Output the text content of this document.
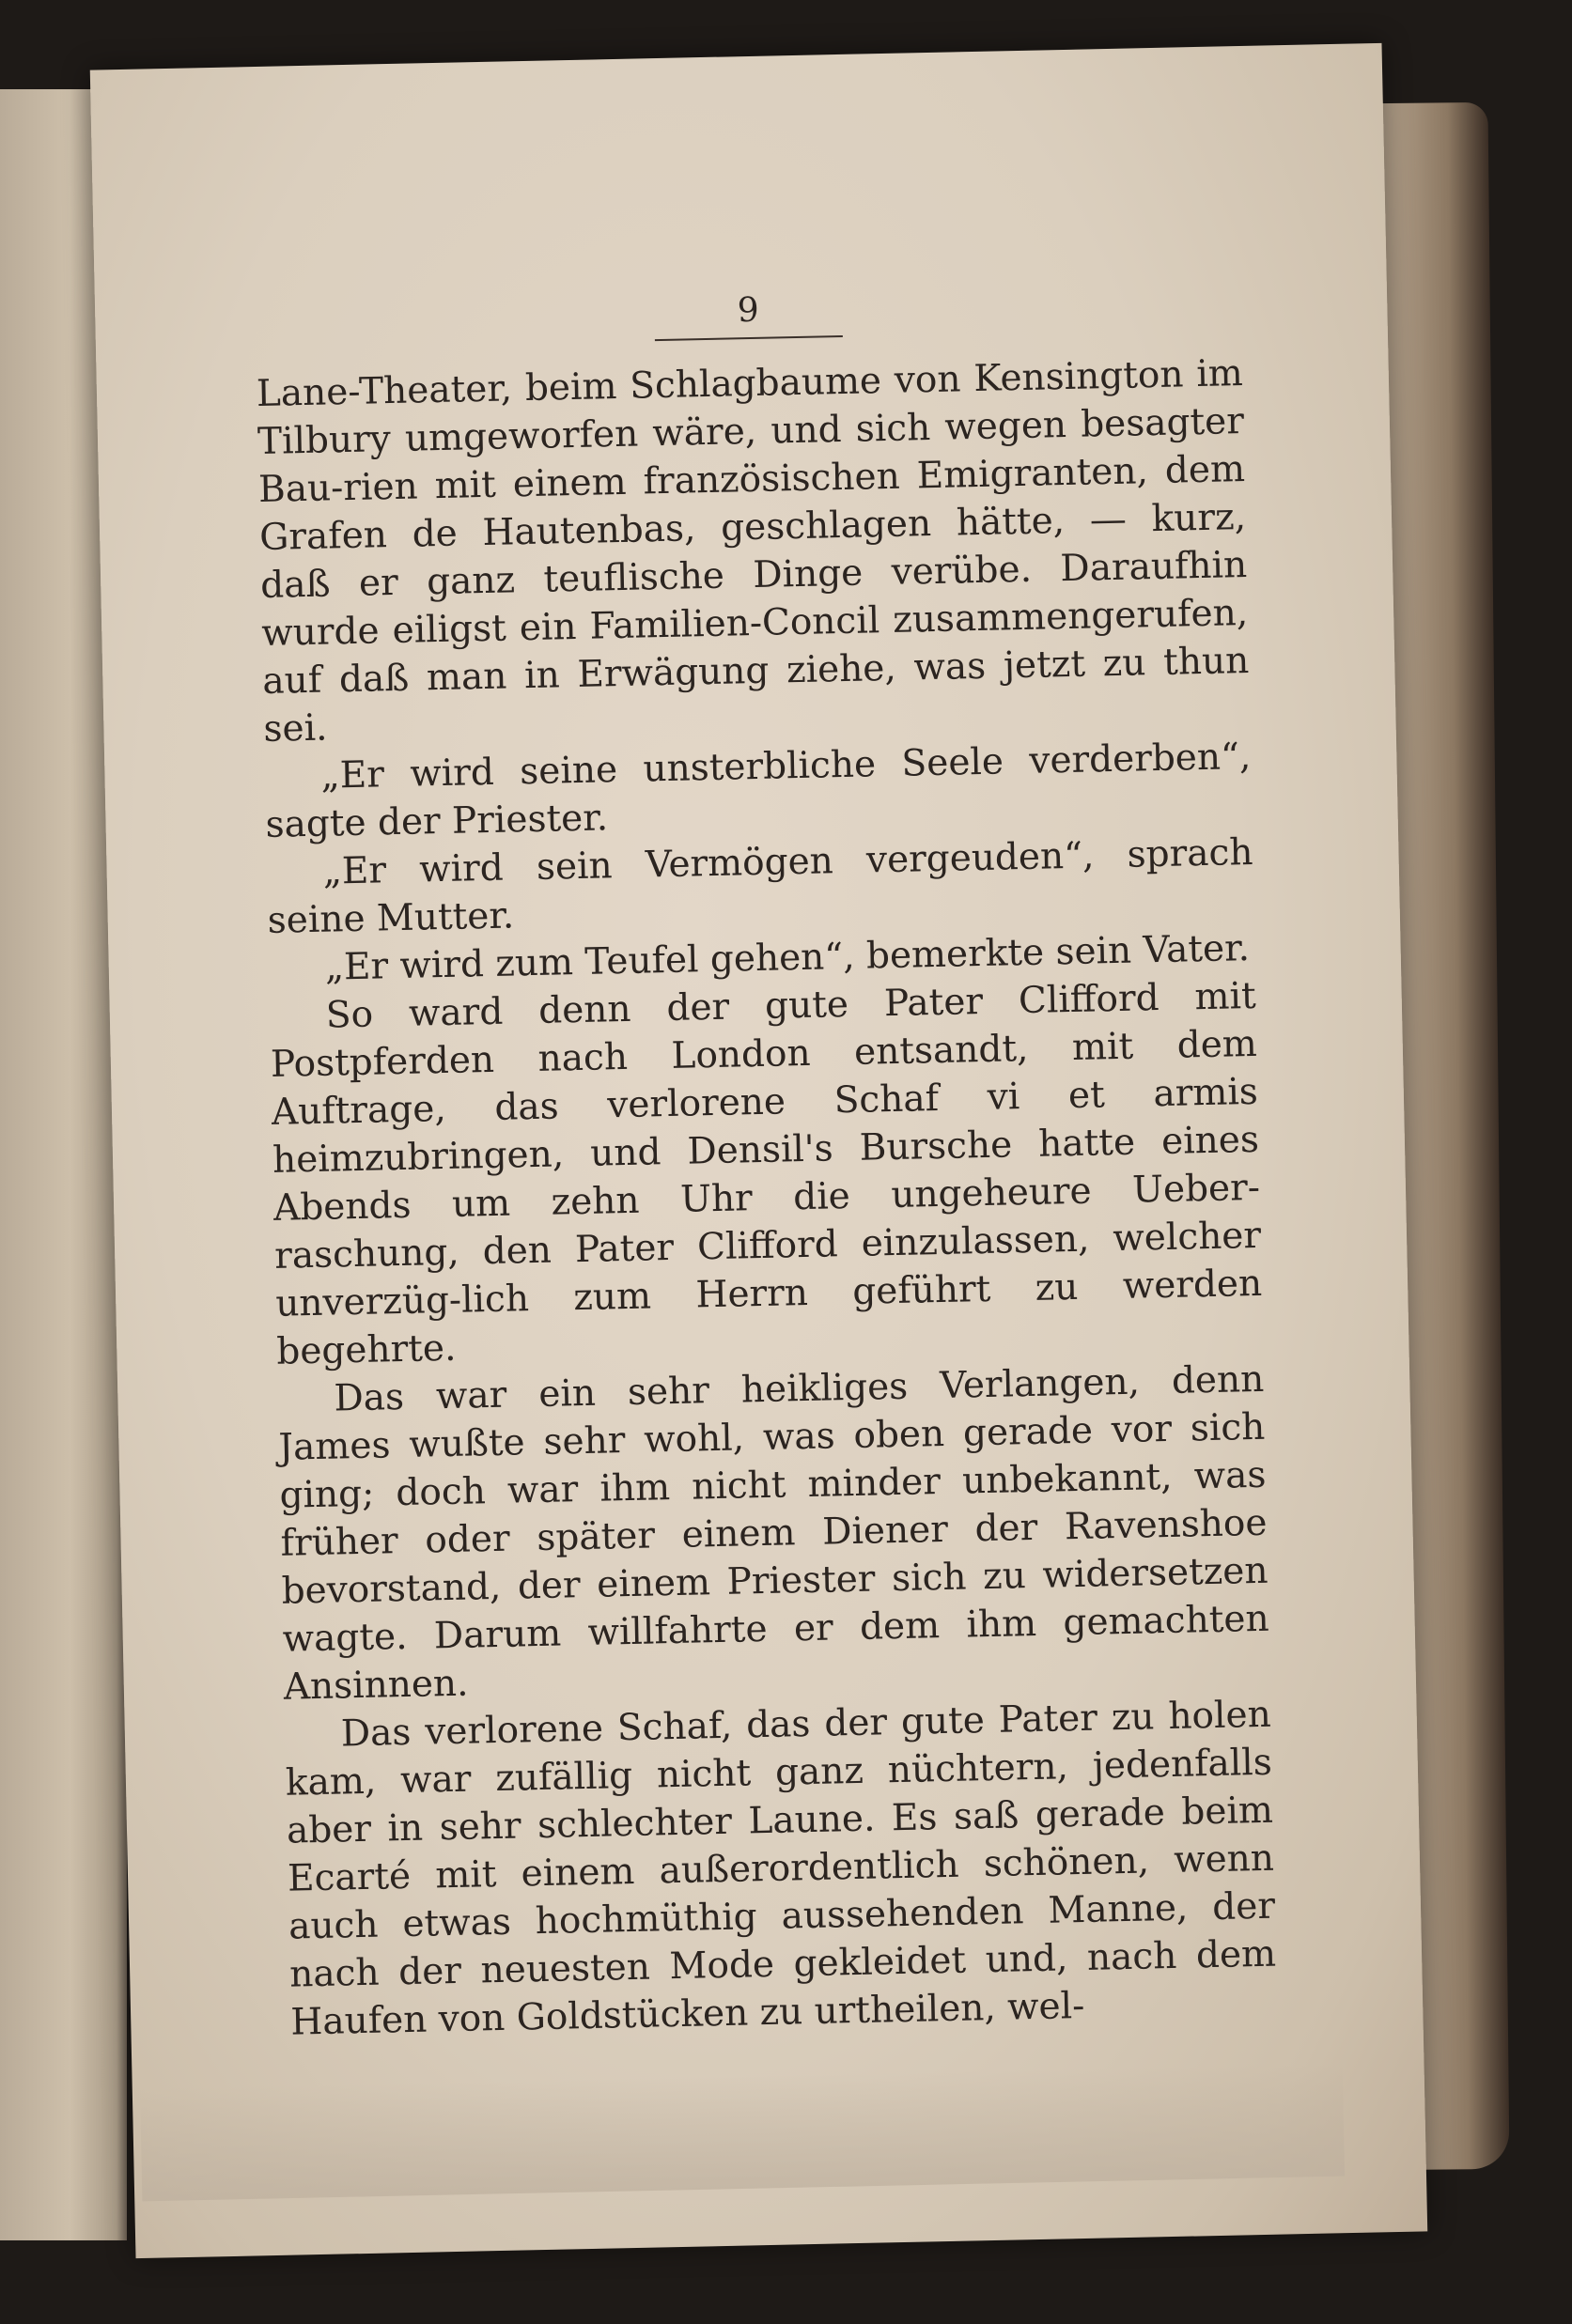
9

Lane-Theater, beim Schlagbaume von Kensington im Tilbury umgeworfen wäre, und sich wegen besagter Bau-rien mit einem französischen Emigranten, dem Grafen de Hautenbas, geschlagen hätte, — kurz, daß er ganz teuflische Dinge verübe. Daraufhin wurde eiligst ein Familien-Concil zusammengerufen, auf daß man in Erwägung ziehe, was jetzt zu thun sei.

„Er wird seine unsterbliche Seele verderben“, sagte der Priester.

„Er wird sein Vermögen vergeuden“, sprach seine Mutter.

„Er wird zum Teufel gehen“, bemerkte sein Vater.

So ward denn der gute Pater Clifford mit Postpferden nach London entsandt, mit dem Auftrage, das verlorene Schaf vi et armis heimzubringen, und Densil's Bursche hatte eines Abends um zehn Uhr die ungeheure Ueber-raschung, den Pater Clifford einzulassen, welcher unverzüg-lich zum Herrn geführt zu werden begehrte.

Das war ein sehr heikliges Verlangen, denn James wußte sehr wohl, was oben gerade vor sich ging; doch war ihm nicht minder unbekannt, was früher oder später einem Diener der Ravenshoe bevorstand, der einem Priester sich zu widersetzen wagte. Darum willfahrte er dem ihm gemachten Ansinnen.

Das verlorene Schaf, das der gute Pater zu holen kam, war zufällig nicht ganz nüchtern, jedenfalls aber in sehr schlechter Laune. Es saß gerade beim Ecarté mit einem außerordentlich schönen, wenn auch etwas hochmüthig aussehenden Manne, der nach der neuesten Mode gekleidet und, nach dem Haufen von Goldstücken zu urtheilen, wel-
